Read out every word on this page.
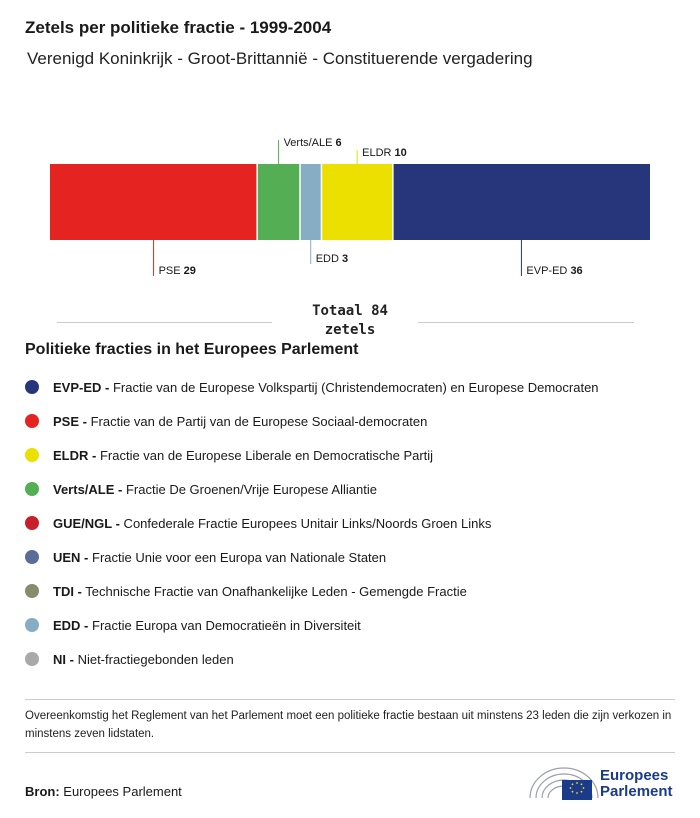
Zetels per politieke fractie - 1999-2004

Verenigd Koninkrijk - Groot-Brittannië - Constituerende vergadering

PSE 29
Verts/ALE 6
EDD 3
ELDR 10
EVP-ED 36
Totaal 84
zetels
Politieke fracties in het Europees Parlement
EVP-ED - Fractie van de Europese Volkspartij (Christendemocraten) en Europese Democraten
PSE - Fractie van de Partij van de Europese Sociaal-democraten
ELDR - Fractie van de Europese Liberale en Democratische Partij
Verts/ALE - Fractie De Groenen/Vrije Europese Alliantie
GUE/NGL - Confederale Fractie Europees Unitair Links/Noords Groen Links
UEN - Fractie Unie voor een Europa van Nationale Staten
TDI - Technische Fractie van Onafhankelijke Leden - Gemengde Fractie
EDD - Fractie Europa van Democratieën in Diversiteit
NI - Niet-fractiegebonden leden

Overeenkomstig het Reglement van het Parlement moet een politieke fractie bestaan uit minstens 23 leden die zijn verkozen in minstens zeven lidstaten.

Bron: Europees Parlement

Europees
Parlement
